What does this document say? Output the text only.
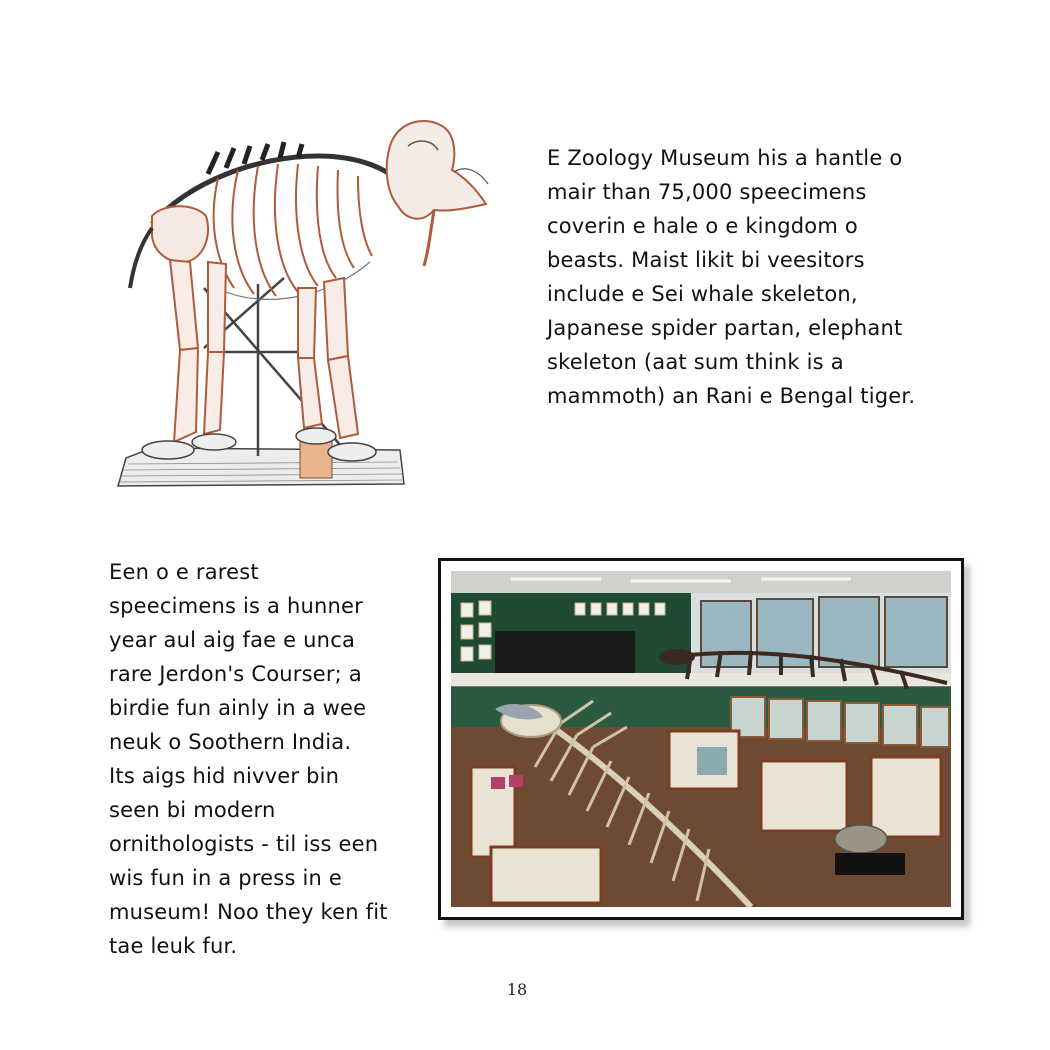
E Zoology Museum his a hantle o
mair than 75,000 speecimens
coverin e hale o e kingdom o
beasts. Maist likit bi veesitors
include e Sei whale skeleton,
Japanese spider partan, elephant
skeleton (aat sum think is a
mammoth) an Rani e Bengal tiger.

Een o e rarest
speecimens is a hunner
year aul aig fae e unca
rare Jerdon's Courser; a
birdie fun ainly in a wee
neuk o Soothern India.
Its aigs hid nivver bin
seen bi modern
ornithologists - til iss een
wis fun in a press in e
museum! Noo they ken fit
tae leuk fur.

18
